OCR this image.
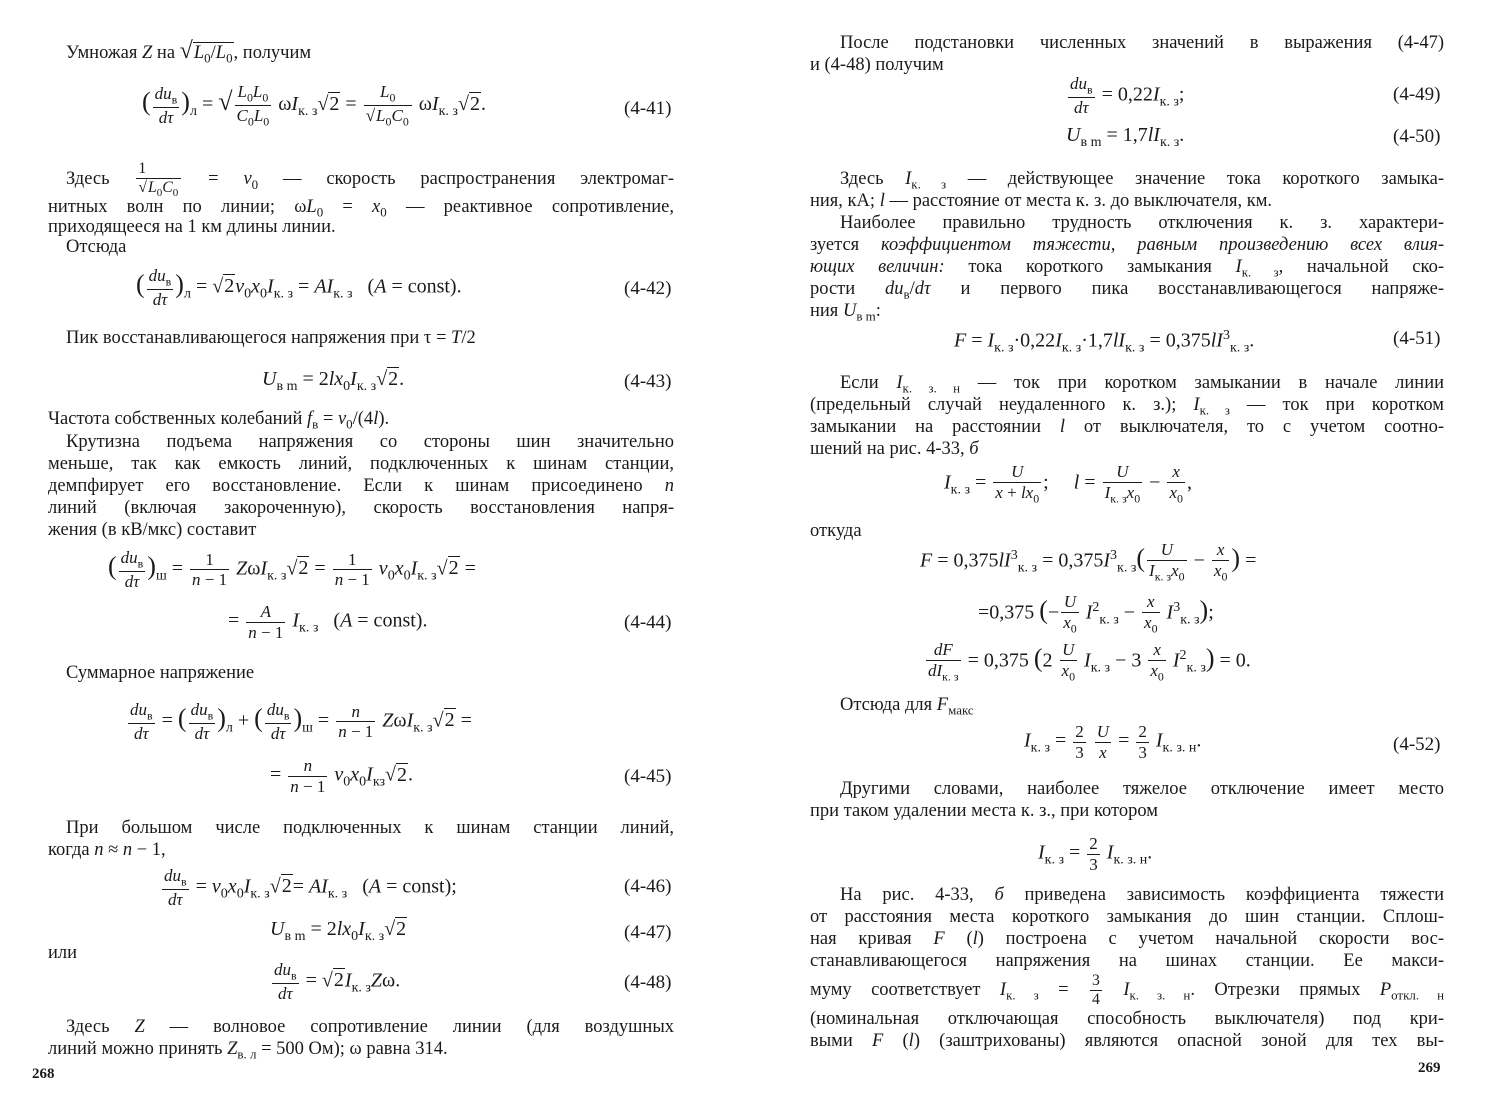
Умножая Z на $√L_0/L_0$, получим
( $\frac{du_в}{d\tau} )_л$ = √ $\frac{L_0L_0}{C_0L_0} \omega I_{к. з}√2 = \frac{L_0}{√L_0C_0} \omega I_{к. з}√2$.	(4-41)
Здесь $\frac{1}{√L_0C_0} = v_0$ — скорость распространения электромаг-
нитных волн по линии; $\omega L_0 = x_0$ — реактивное сопротивление,
приходящееся на 1 км длины линии.
Отсюда
( $\frac{du_в}{d\tau} )_л = √2v_0x_0I_{к. з} = AI_{к. з}$   (A = const).	(4-42)
Пик восстанавливающегося напряжения при τ = T/2
$U_{в m} = 2lx_0I_{к. з}√2$.	(4-43)
Частота собственных колебаний $f_в = v_0/(4l)$.
Крутизна подъема напряжения со стороны шин значительно
меньше, так как емкость линий, подключенных к шинам станции,
демпфирует его восстановление. Если к шинам присоединено n
линий (включая закороченную), скорость восстановления напря-
жения (в кВ/мкс) составит
( $\frac{du_в}{d\tau} )_ш = \frac{1}{n - 1} Z\omega I_{к. з}√2 = \frac{1}{n - 1} v_0x_0I_{к. з}√2$ =
= $\frac{A}{n - 1} I_{к. з}$   (A = const).	(4-44)
Суммарное напряжение
$\frac{du_в}{d\tau}$ = ( $\frac{du_в}{d\tau} )_л$ + ( $\frac{du_в}{d\tau} )_ш = \frac{n}{n - 1} Z\omega I_{к. з}√2$ =
= $\frac{n}{n - 1} v_0x_0I_{кз}√2$.	(4-45)
При большом числе подключенных к шинам станции линий,
когда n ≈ n − 1,
$\frac{du_в}{d\tau} = v_0x_0I_{к. з}√2= AI_{к. з}$   (A = const);	(4-46)
$U_{в m} = 2lx_0I_{к. з}√2$	(4-47)
или
$\frac{du_в}{d\tau} = √2I_{к. з}Z\omega$.	(4-48)
Здесь Z — волновое сопротивление линии (для воздушных
линий можно принять $Z_{в. л} = 500$ Ом); ω равна 314.
268
После подстановки численных значений в выражения (4-47)
и (4-48) получим
$\frac{du_в}{d\tau} = 0,22I_{к. з}$;	(4-49)
$U_{в m} = 1,7lI_{к. з}$.	(4-50)
Здесь $I_{к. з}$ — действующее значение тока короткого замыка-
ния, кА; l — расстояние от места к. з. до выключателя, км.
Наиболее правильно трудность отключения к. з. характери-
зуется коэффициентом тяжести, равным произведению всех влия-
ющих величин: тока короткого замыкания $I_{к. з}$, начальной ско-
рости $du_в/d\tau$ и первого пика восстанавливающегося напряже-
ния $U_{в m}$:
$F = I_{к. з}\cdot 0,22I_{к. з}\cdot 1,7lI_{к. з} = 0,375lI^3_{к. з}$.	(4-51)
Если $I_{к. з. н}$ — ток при коротком замыкании в начале линии
(предельный случай неудаленного к. з.); $I_{к. з}$ — ток при коротком
замыкании на расстоянии l от выключателя, то с учетом соотно-
шений на рис. 4-33, б
$I_{к. з} = \frac{U}{x + lx_0}$ ;     $l = \frac{U}{I_{к. з}x_0} - \frac{x}{x_0}$ ,
откуда
$F = 0,375lI^3_{к. з} = 0,375I^3_{к. з}( \frac{U}{I_{к. з}x_0} - \frac{x}{x_0}$ ) =
=0,375 (− $\frac{U}{x_0} I^2_{к. з} - \frac{x}{x_0} I^3_{к. з}$);
$\frac{dF}{dI_{к. з}} = 0,375$ $(2 \frac{U}{x_0} I_{к. з} - 3 \frac{x}{x_0} I^2_{к. з}) = 0$.
Отсюда для $F_{макс}$
$I_{к. з} = \frac{2}{3}$
$\frac{U}{x} = \frac{2}{3} I_{к. з. н}$.	(4-52)
Другими словами, наиболее тяжелое отключение имеет место
при таком удалении места к. з., при котором
$I_{к. з} = \frac{2}{3} I_{к. з. н}$.
На рис. 4-33, б приведена зависимость коэффициента тяжести
от расстояния места короткого замыкания до шин станции. Сплош-
ная кривая F (l) построена с учетом начальной скорости вос-
станавливающегося напряжения на шинах станции. Ее макси-
муму соответствует $I_{к. з} = \frac{3}{4} I_{к. з. н}$. Отрезки прямых $P_{откл. н}$
(номинальная отключающая способность выключателя) под кри-
выми F (l) (заштрихованы) являются опасной зоной для тех вы-
269
